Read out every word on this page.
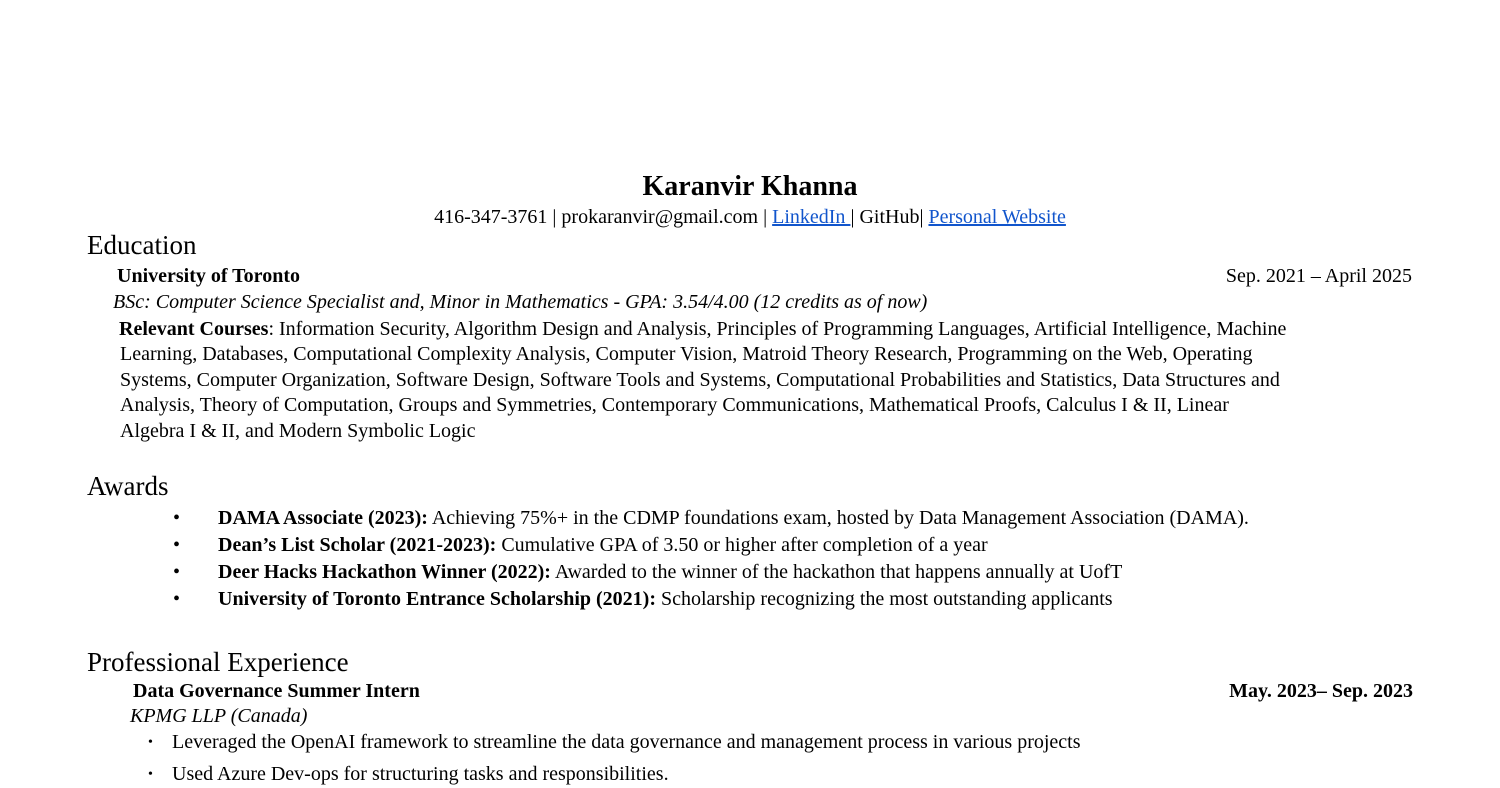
Karanvir Khanna
416-347-3761 | prokaranvir@gmail.com | LinkedIn | GitHub| Personal Website
Education
University of Toronto	Sep. 2021 – April 2025
BSc: Computer Science Specialist and, Minor in Mathematics - GPA: 3.54/4.00 (12 credits as of now)
Relevant Courses: Information Security, Algorithm Design and Analysis, Principles of Programming Languages, Artificial Intelligence, Machine
Learning, Databases, Computational Complexity Analysis, Computer Vision, Matroid Theory Research, Programming on the Web, Operating
Systems, Computer Organization, Software Design, Software Tools and Systems, Computational Probabilities and Statistics, Data Structures and
Analysis, Theory of Computation, Groups and Symmetries, Contemporary Communications, Mathematical Proofs, Calculus I & II, Linear
Algebra I & II, and Modern Symbolic Logic
Awards
• DAMA Associate (2023): Achieving 75%+ in the CDMP foundations exam, hosted by Data Management Association (DAMA).
• Dean’s List Scholar (2021-2023): Cumulative GPA of 3.50 or higher after completion of a year
• Deer Hacks Hackathon Winner (2022): Awarded to the winner of the hackathon that happens annually at UofT
• University of Toronto Entrance Scholarship (2021): Scholarship recognizing the most outstanding applicants
Professional Experience
Data Governance Summer Intern	May. 2023– Sep. 2023
KPMG LLP (Canada)
• Leveraged the OpenAI framework to streamline the data governance and management process in various projects
• Used Azure Dev-ops for structuring tasks and responsibilities.
